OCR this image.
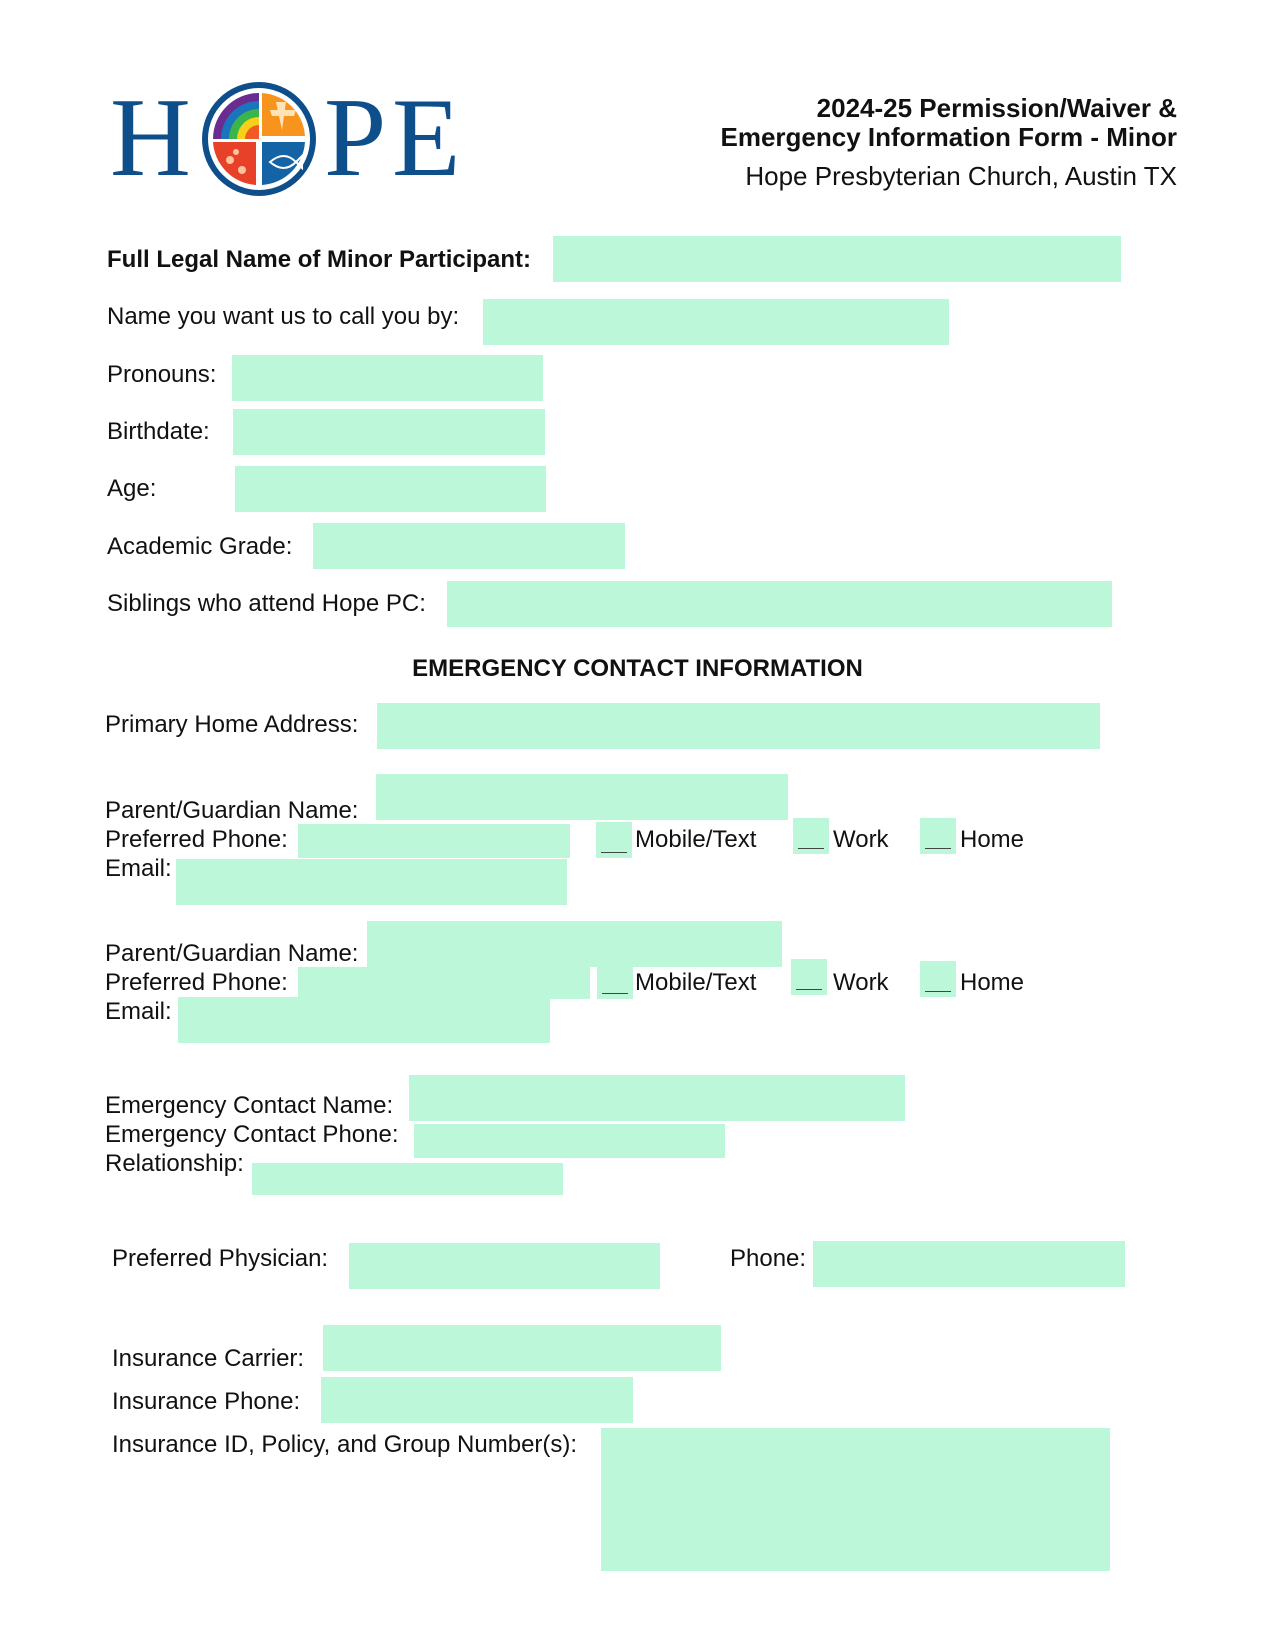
H P E	2024-25 Permission/Waiver &
Emergency Information Form - Minor
Hope Presbyterian Church, Austin TX
Full Legal Name of Minor Participant:
Name you want us to call you by:
Pronouns:
Birthdate:
Age:
Academic Grade:
Siblings who attend Hope PC:
EMERGENCY CONTACT INFORMATION
Primary Home Address:
Parent/Guardian Name:
Preferred Phone:	Mobile/Text	Work	Home
Email:
Parent/Guardian Name:
Preferred Phone:	Mobile/Text	Work	Home
Email:
Emergency Contact Name:
Emergency Contact Phone:
Relationship:
Preferred Physician:	Phone:
Insurance Carrier:
Insurance Phone:
Insurance ID, Policy, and Group Number(s):
